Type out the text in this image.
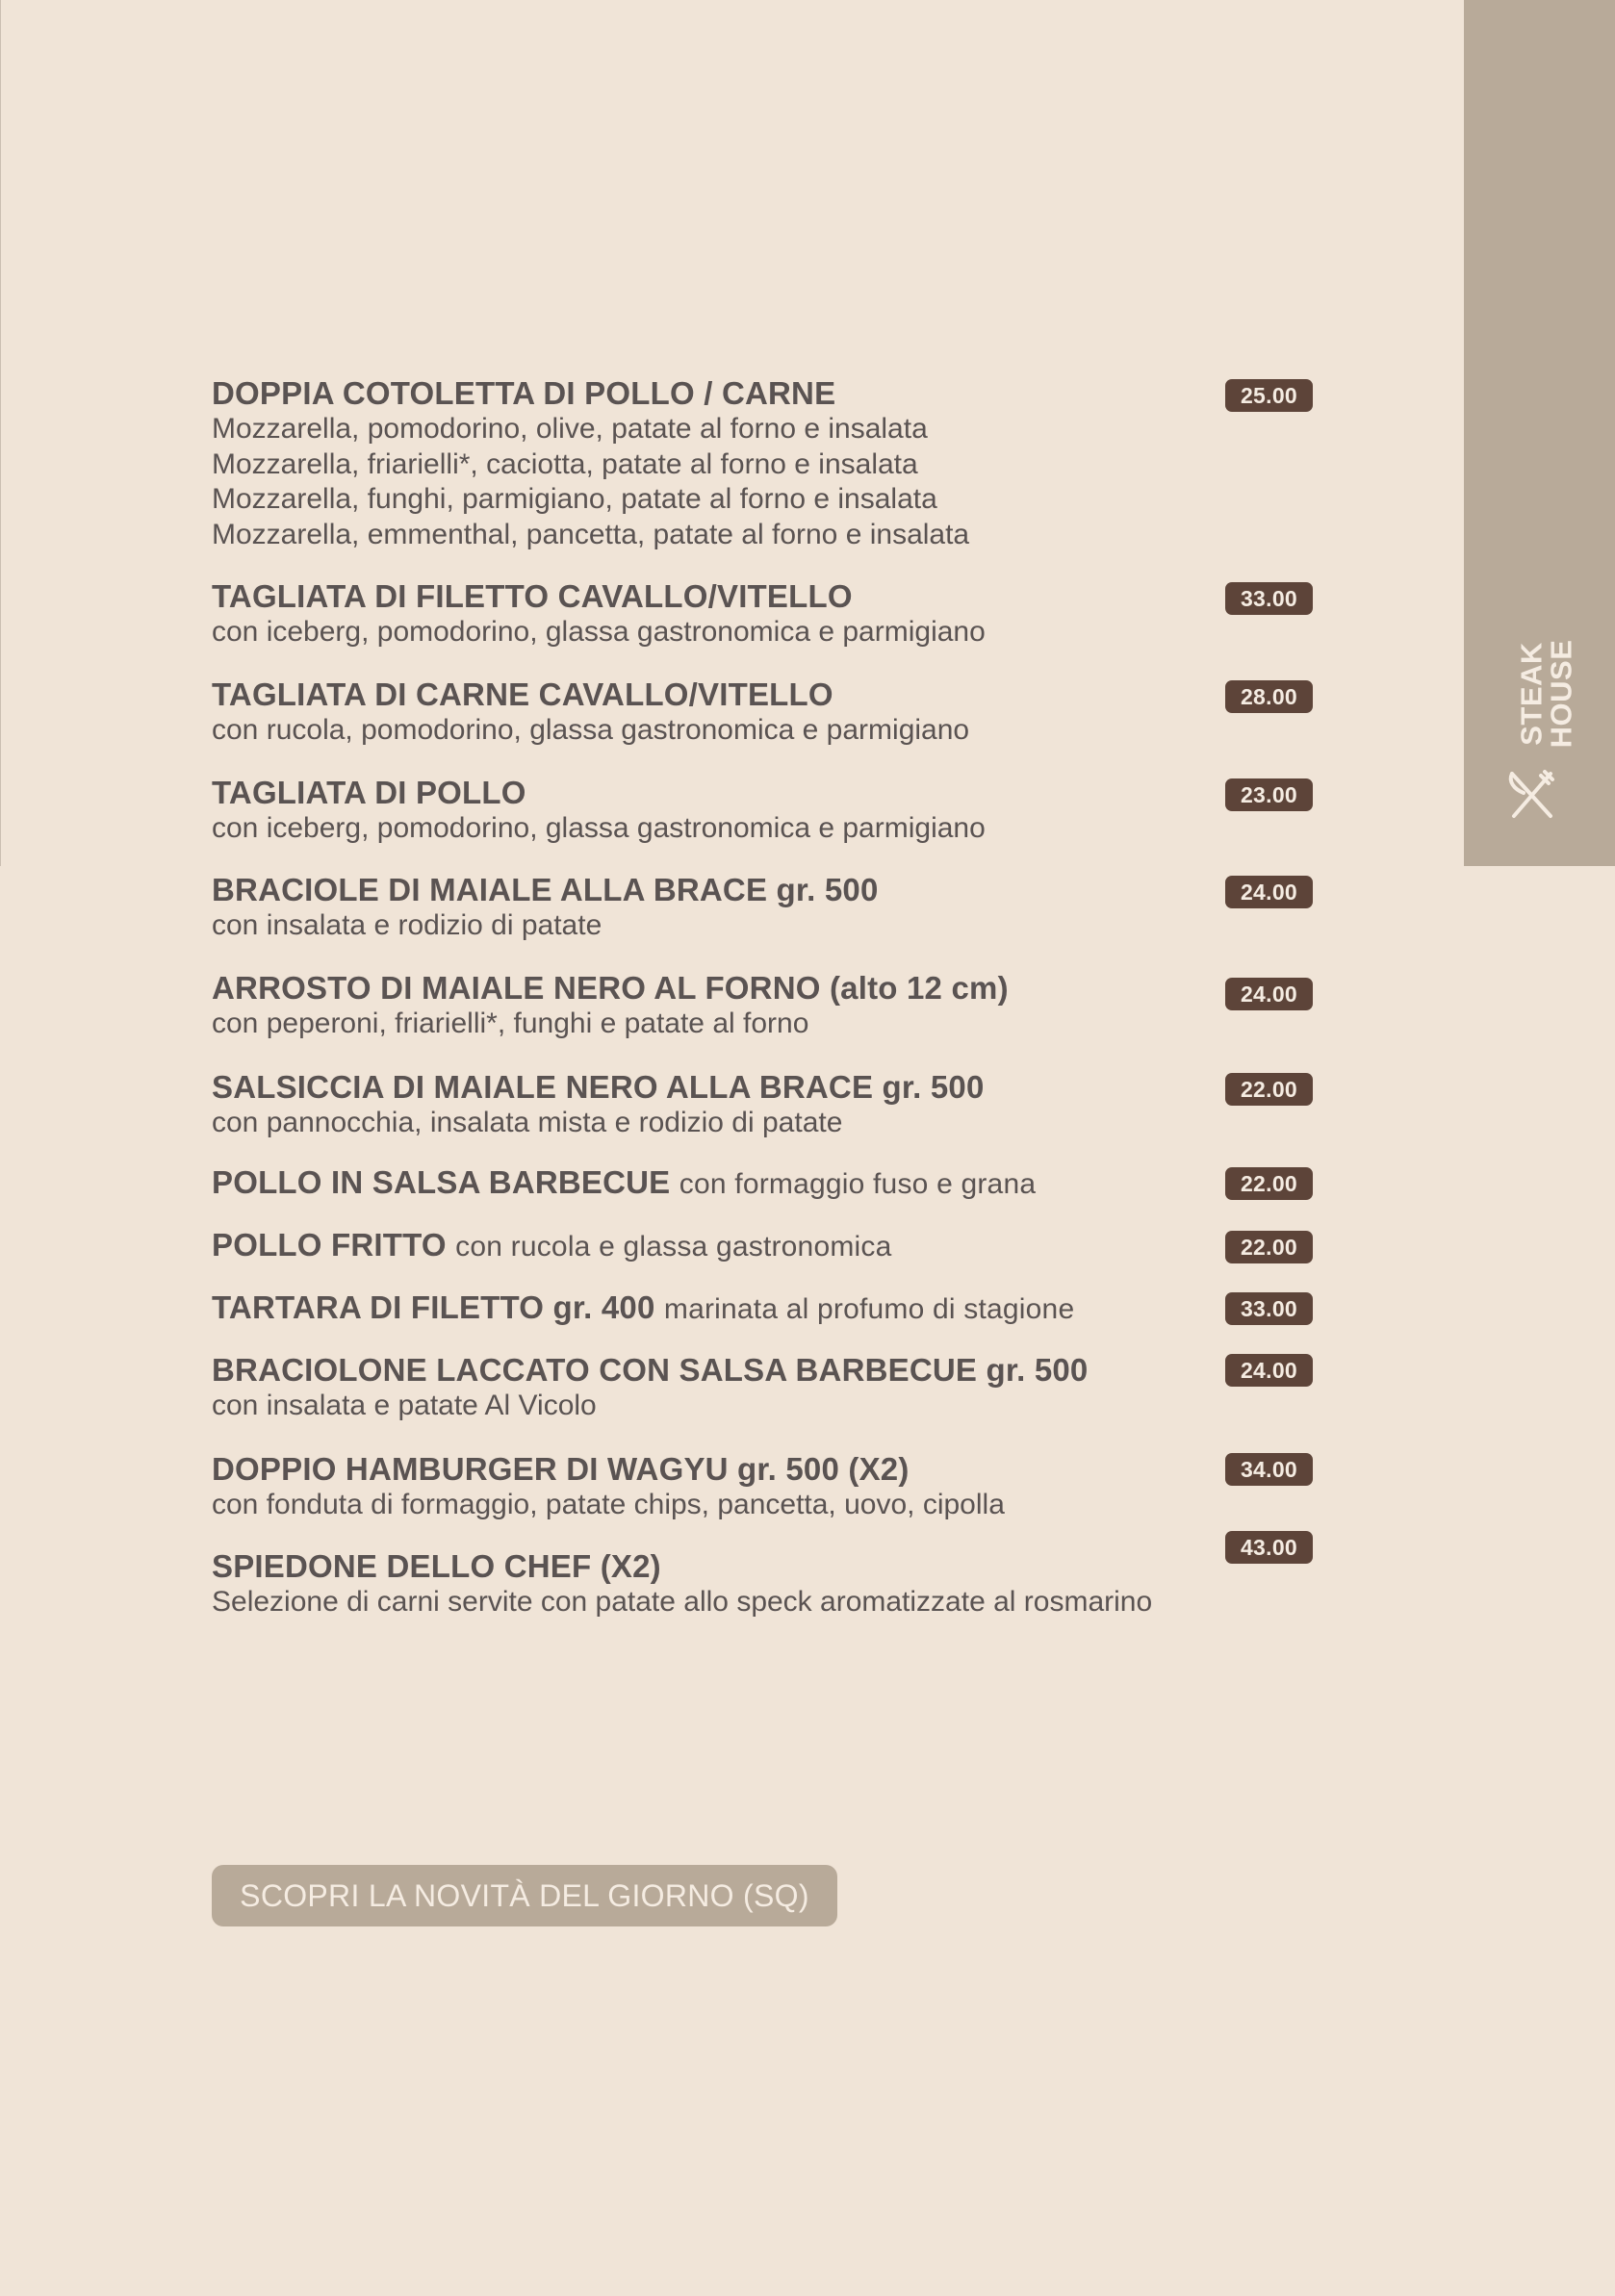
STEAK
HOUSE
DOPPIA COTOLETTA DI POLLO / CARNE
Mozzarella, pomodorino, olive, patate al forno e insalata
Mozzarella, friarielli*, caciotta, patate al forno e insalata
Mozzarella, funghi, parmigiano, patate al forno e insalata
Mozzarella, emmenthal, pancetta, patate al forno e insalata
25.00
TAGLIATA DI FILETTO CAVALLO/VITELLO
con iceberg, pomodorino, glassa gastronomica e parmigiano
33.00
TAGLIATA DI CARNE CAVALLO/VITELLO
con rucola, pomodorino, glassa gastronomica e parmigiano
28.00
TAGLIATA DI POLLO
con iceberg, pomodorino, glassa gastronomica e parmigiano
23.00
BRACIOLE DI MAIALE ALLA BRACE gr. 500
con insalata e rodizio di patate
24.00
ARROSTO DI MAIALE NERO AL FORNO (alto 12 cm)
con peperoni, friarielli*, funghi e patate al forno
24.00
SALSICCIA DI MAIALE NERO ALLA BRACE gr. 500
con pannocchia, insalata mista e rodizio di patate
22.00
POLLO IN SALSA BARBECUE con formaggio fuso e grana	22.00
POLLO FRITTO con rucola e glassa gastronomica	22.00
TARTARA DI FILETTO gr. 400 marinata al profumo di stagione	33.00
BRACIOLONE LACCATO CON SALSA BARBECUE gr. 500
con insalata e patate Al Vicolo
24.00
DOPPIO HAMBURGER DI WAGYU gr. 500 (X2)
con fonduta di formaggio, patate chips, pancetta, uovo, cipolla
34.00
SPIEDONE DELLO CHEF (X2)
Selezione di carni servite con patate allo speck aromatizzate al rosmarino
43.00
SCOPRI LA NOVITÀ DEL GIORNO (SQ)
